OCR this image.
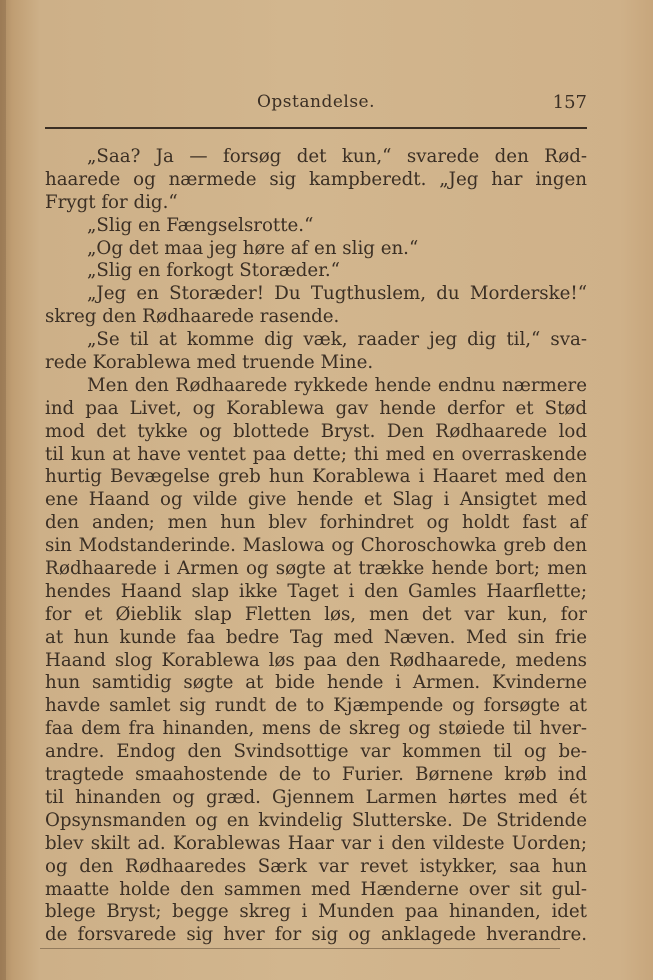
Opstandelse.	157
„Saa? Ja — forsøg det kun,“ svarede den Rød-
haarede og nærmede sig kampberedt. „Jeg har ingen
Frygt for dig.“
„Slig en Fængselsrotte.“
„Og det maa jeg høre af en slig en.“
„Slig en forkogt Storæder.“
„Jeg en Storæder! Du Tugthuslem, du Morderske!“
skreg den Rødhaarede rasende.
„Se til at komme dig væk, raader jeg dig til,“ sva-
rede Korablewa med truende Mine.
Men den Rødhaarede rykkede hende endnu nærmere
ind paa Livet, og Korablewa gav hende derfor et Stød
mod det tykke og blottede Bryst. Den Rødhaarede lod
til kun at have ventet paa dette; thi med en overraskende
hurtig Bevægelse greb hun Korablewa i Haaret med den
ene Haand og vilde give hende et Slag i Ansigtet med
den anden; men hun blev forhindret og holdt fast af
sin Modstanderinde. Maslowa og Choroschowka greb den
Rødhaarede i Armen og søgte at trække hende bort; men
hendes Haand slap ikke Taget i den Gamles Haarflette;
for et Øieblik slap Fletten løs, men det var kun, for
at hun kunde faa bedre Tag med Næven. Med sin frie
Haand slog Korablewa løs paa den Rødhaarede, medens
hun samtidig søgte at bide hende i Armen. Kvinderne
havde samlet sig rundt de to Kjæmpende og forsøgte at
faa dem fra hinanden, mens de skreg og støiede til hver-
andre. Endog den Svindsottige var kommen til og be-
tragtede smaahostende de to Furier. Børnene krøb ind
til hinanden og græd. Gjennem Larmen hørtes med ét
Opsynsmanden og en kvindelig Slutterske. De Stridende
blev skilt ad. Korablewas Haar var i den vildeste Uorden;
og den Rødhaaredes Særk var revet istykker, saa hun
maatte holde den sammen med Hænderne over sit gul-
blege Bryst; begge skreg i Munden paa hinanden, idet
de forsvarede sig hver for sig og anklagede hverandre.
